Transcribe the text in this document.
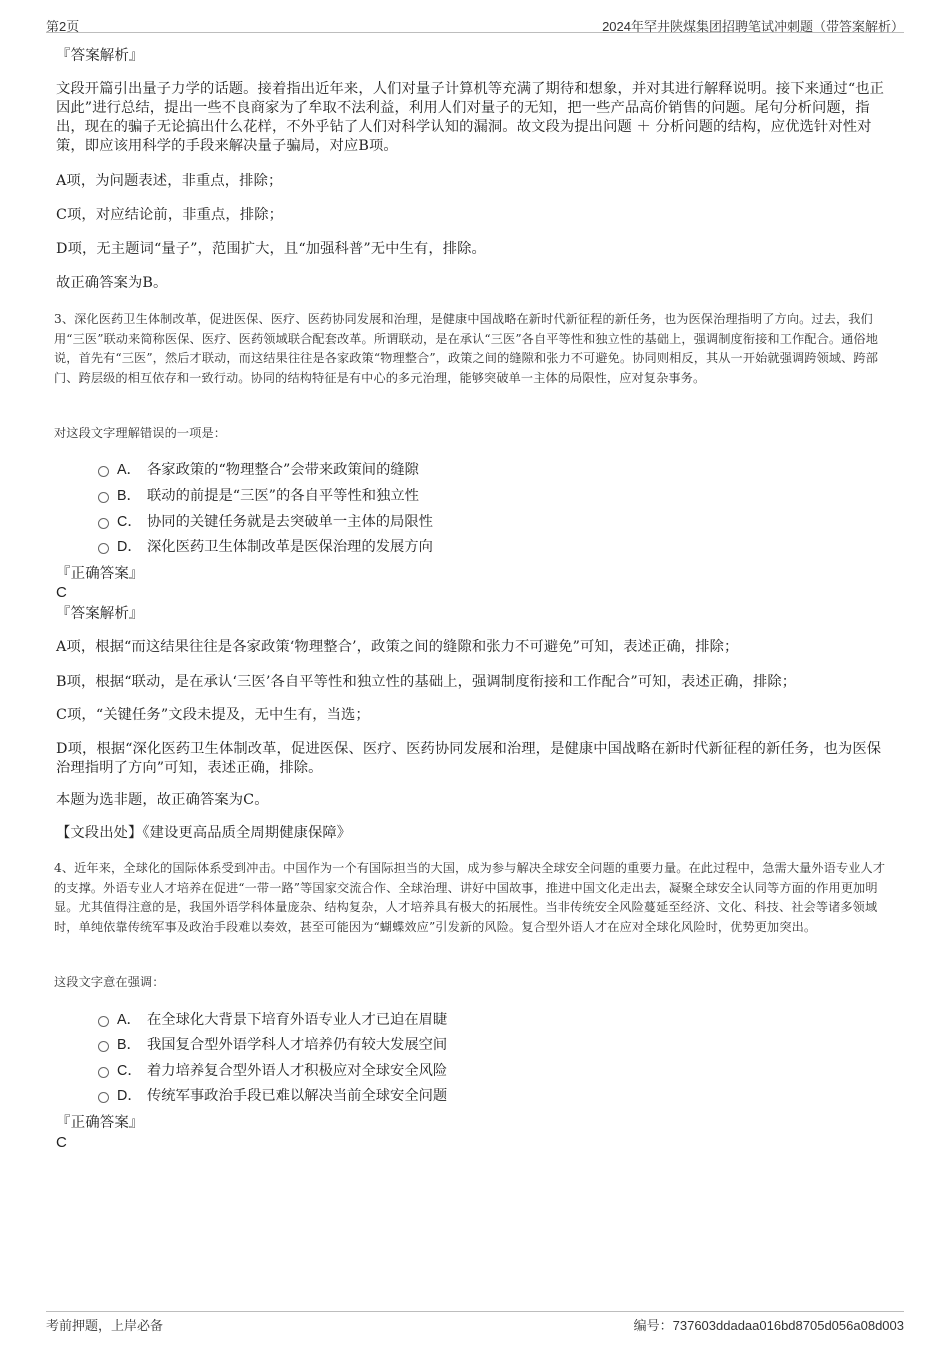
第2页	2024年罕井陕煤集团招聘笔试冲刺题（带答案解析）
『答案解析』

文段开篇引出量子力学的话题。接着指出近年来，人们对量子计算机等充满了期待和想象，并对其进行解释说明。接下来通过“也正因此”进行总结，提出一些不良商家为了牟取不法利益，利用人们对量子的无知，把一些产品高价销售的问题。尾句分析问题，指出，现在的骗子无论搞出什么花样，不外乎钻了人们对科学认知的漏洞。故文段为提出问题 ＋ 分析问题的结构，应优选针对性对策，即应该用科学的手段来解决量子骗局，对应B项。

A项，为问题表述，非重点，排除；

C项，对应结论前，非重点，排除；

D项，无主题词“量子”，范围扩大，且“加强科普”无中生有，排除。

故正确答案为B。

3、深化医药卫生体制改革，促进医保、医疗、医药协同发展和治理，是健康中国战略在新时代新征程的新任务，也为医保治理指明了方向。过去，我们用“三医”联动来简称医保、医疗、医药领域联合配套改革。所谓联动，是在承认“三医”各自平等性和独立性的基础上，强调制度衔接和工作配合。通俗地说，首先有“三医”，然后才联动，而这结果往往是各家政策“物理整合”，政策之间的缝隙和张力不可避免。协同则相反，其从一开始就强调跨领域、跨部门、跨层级的相互依存和一致行动。协同的结构特征是有中心的多元治理，能够突破单一主体的局限性，应对复杂事务。

对这段文字理解错误的一项是：

A． 各家政策的“物理整合”会带来政策间的缝隙
B． 联动的前提是“三医”的各自平等性和独立性
C． 协同的关键任务就是去突破单一主体的局限性
D． 深化医药卫生体制改革是医保治理的发展方向
『正确答案』
C
『答案解析』

A项，根据“而这结果往往是各家政策‘物理整合’，政策之间的缝隙和张力不可避免”可知，表述正确，排除；

B项，根据“联动，是在承认‘三医’各自平等性和独立性的基础上，强调制度衔接和工作配合”可知，表述正确，排除；

C项，“关键任务”文段未提及，无中生有，当选；

D项，根据“深化医药卫生体制改革，促进医保、医疗、医药协同发展和治理，是健康中国战略在新时代新征程的新任务，也为医保治理指明了方向”可知，表述正确，排除。

本题为选非题，故正确答案为C。

【文段出处】《建设更高品质全周期健康保障》

4、近年来，全球化的国际体系受到冲击。中国作为一个有国际担当的大国，成为参与解决全球安全问题的重要力量。在此过程中，急需大量外语专业人才的支撑。外语专业人才培养在促进“一带一路”等国家交流合作、全球治理、讲好中国故事，推进中国文化走出去，凝聚全球安全认同等方面的作用更加明显。尤其值得注意的是，我国外语学科体量庞杂、结构复杂，人才培养具有极大的拓展性。当非传统安全风险蔓延至经济、文化、科技、社会等诸多领域时，单纯依靠传统军事及政治手段难以奏效，甚至可能因为“蝴蝶效应”引发新的风险。复合型外语人才在应对全球化风险时，优势更加突出。

这段文字意在强调：

A． 在全球化大背景下培育外语专业人才已迫在眉睫
B． 我国复合型外语学科人才培养仍有较大发展空间
C． 着力培养复合型外语人才积极应对全球安全风险
D． 传统军事政治手段已难以解决当前全球安全问题
『正确答案』
C
考前押题，上岸必备	编号：737603ddadaa016bd8705d056a08d003
